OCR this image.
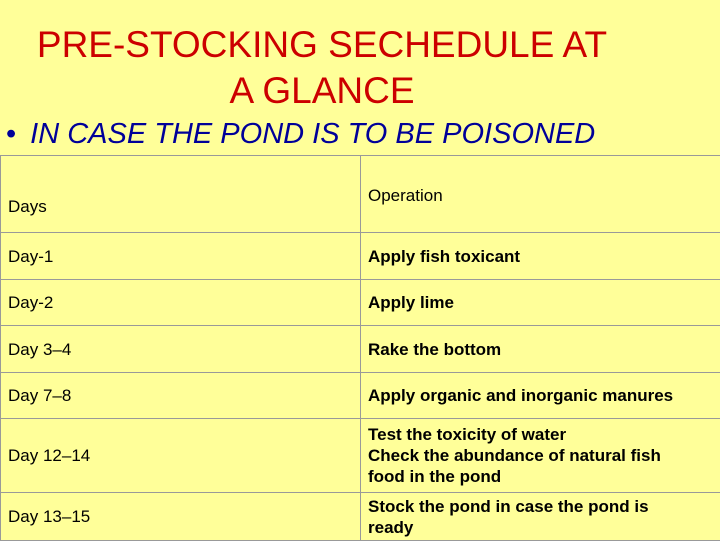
PRE-STOCKING SECHEDULE AT
A GLANCE
• IN CASE THE POND IS TO BE POISONED
Days	Operation
Day-1	Apply fish toxicant
Day-2	Apply lime
Day 3–4	Rake the bottom
Day 7–8	Apply organic and inorganic manures
Day 12–14	Test the toxicity of water
Check the abundance of natural fish
food in the pond
Day 13–15	Stock the pond in case the pond is
ready
